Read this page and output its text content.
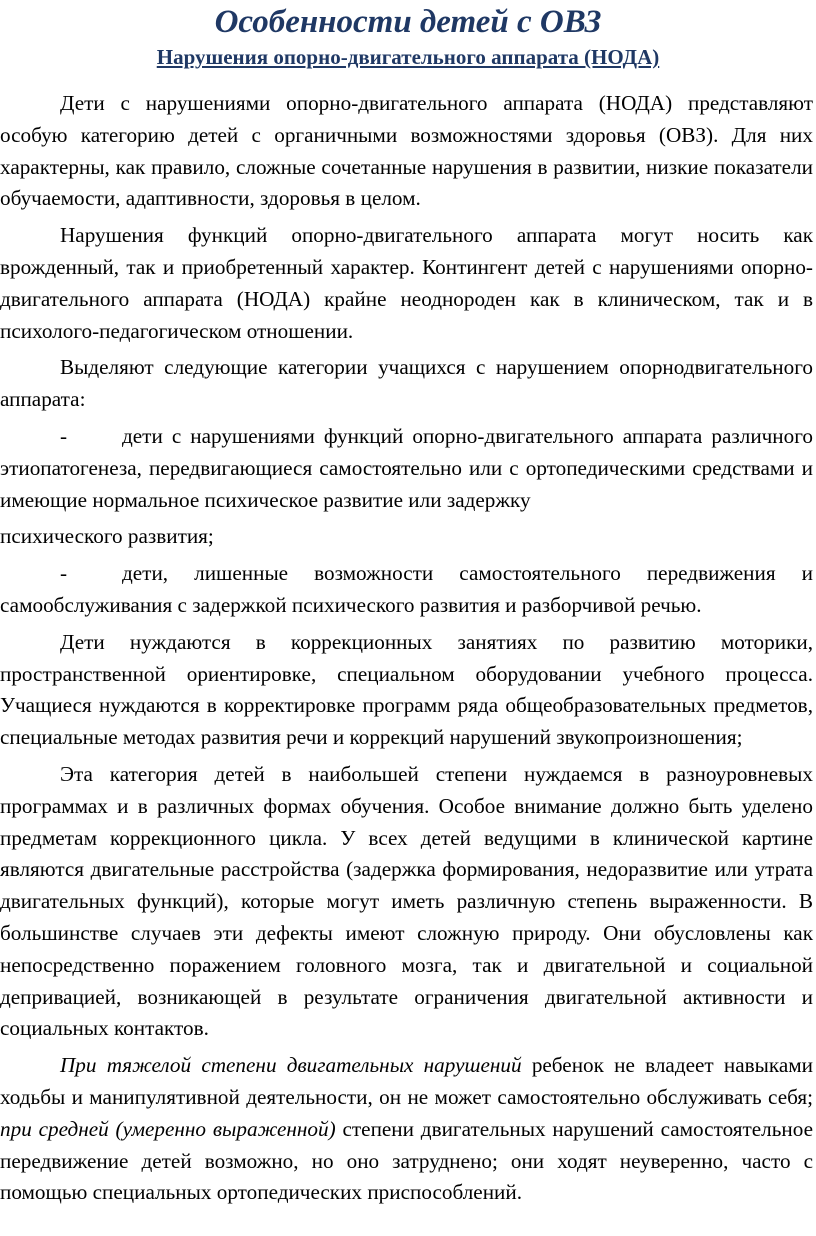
Особенности детей с ОВЗ
Нарушения опорно-двигательного аппарата (НОДА)

Дети с нарушениями опорно-двигательного аппарата (НОДА) представляют особую категорию детей с органичными возможностями здоровья (ОВЗ). Для них характерны, как правило, сложные сочетанные нарушения в развитии, низкие показатели обучаемости, адаптивности, здоровья в целом.

Нарушения функций опорно-двигательного аппарата могут носить как врожденный, так и приобретенный характер. Контингент детей с нарушениями опорно-двигательного аппарата (НОДА) крайне неоднороден как в клиническом, так и в психолого-педагогическом отношении.

Выделяют следующие категории учащихся с нарушением опорнодвигательного аппарата:

-	дети с нарушениями функций опорно-двигательного аппарата различного этиопатогенеза, передвигающиеся самостоятельно или с ортопедическими средствами и имеющие нормальное психическое развитие или задержку

психического развития;

-	дети, лишенные возможности самостоятельного передвижения и самообслуживания с задержкой психического развития и разборчивой речью.

Дети нуждаются в коррекционных занятиях по развитию моторики, пространственной ориентировке, специальном оборудовании учебного процесса. Учащиеся нуждаются в корректировке программ ряда общеобразовательных предметов, специальные методах развития речи и коррекций нарушений звукопроизношения;

Эта категория детей в наибольшей степени нуждаемся в разноуровневых программах и в различных формах обучения. Особое внимание должно быть уделено предметам коррекционного цикла. У всех детей ведущими в клинической картине являются двигательные расстройства (задержка формирования, недоразвитие или утрата двигательных функций), которые могут иметь различную степень выраженности. В большинстве случаев эти дефекты имеют сложную природу. Они обусловлены как непосредственно поражением головного мозга, так и двигательной и социальной депривацией, возникающей в результате ограничения двигательной активности и социальных контактов.

При тяжелой степени двигательных нарушений ребенок не владеет навыками ходьбы и манипулятивной деятельности, он не может самостоятельно обслуживать себя; при средней (умеренно выраженной) степени двигательных нарушений самостоятельное передвижение детей возможно, но оно затруднено; они ходят неуверенно, часто с помощью специальных ортопедических приспособлений.
